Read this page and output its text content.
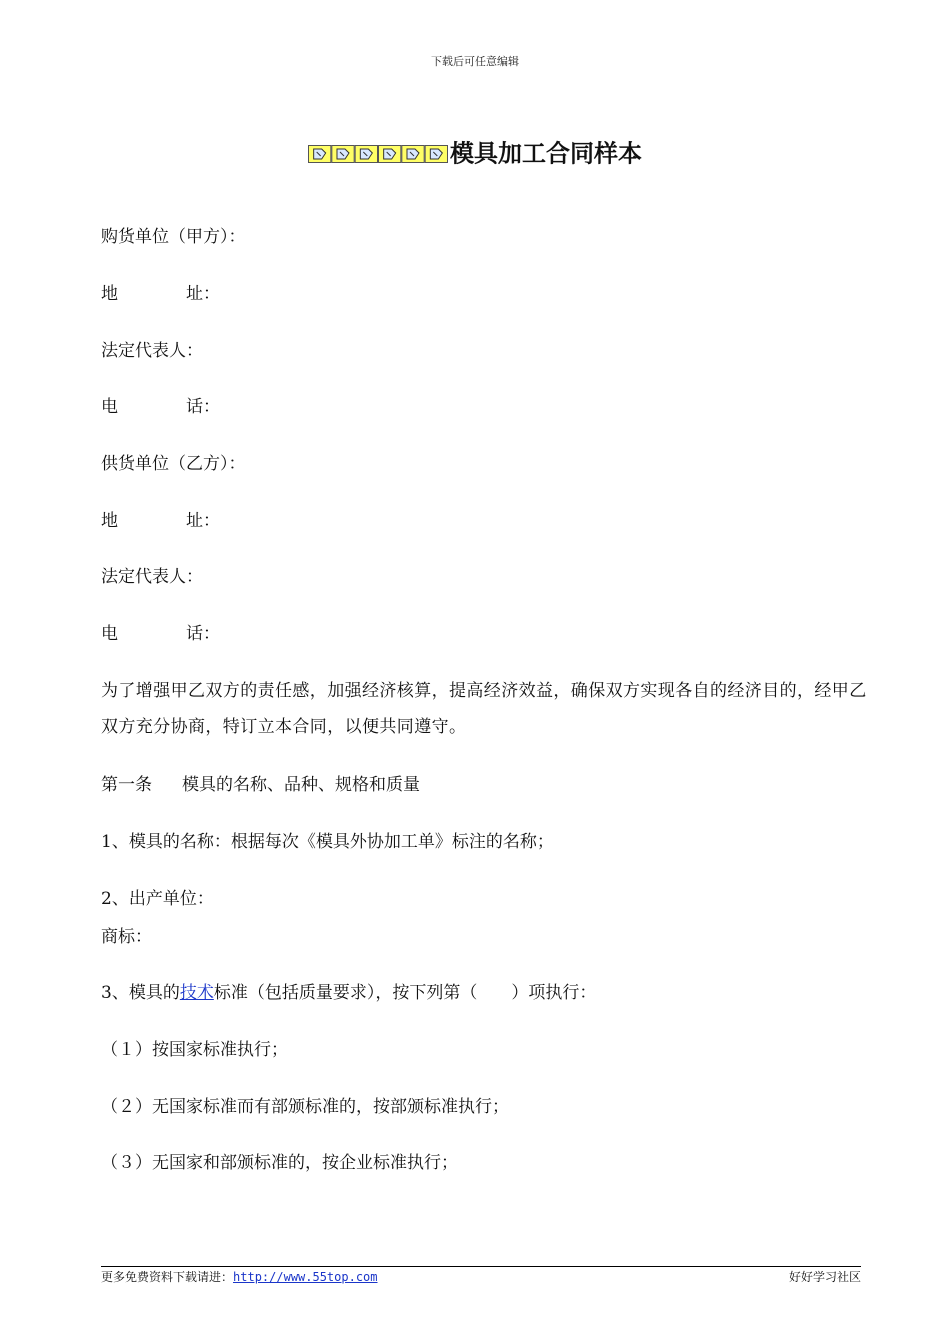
下载后可任意编辑
模具加工合同样本
购货单位（甲方）：
地	址：
法定代表人：
电	话：
供货单位（乙方）：
地	址：
法定代表人：
电	话：
为了增强甲乙双方的责任感，加强经济核算，提高经济效益，确保双方实现各自的经济目的，经甲乙双方充分协商，特订立本合同，以便共同遵守。
第一条 模具的名称、品种、规格和质量
1、模具的名称：根据每次《模具外协加工单》标注的名称；
2、出产单位：
商标：
3、模具的技术标准（包括质量要求），按下列第（　　）项执行：
（１）按国家标准执行；
（２）无国家标准而有部颁标准的，按部颁标准执行；
（３）无国家和部颁标准的，按企业标准执行；
更多免费资料下载请进：http://www.55top.com	好好学习社区
